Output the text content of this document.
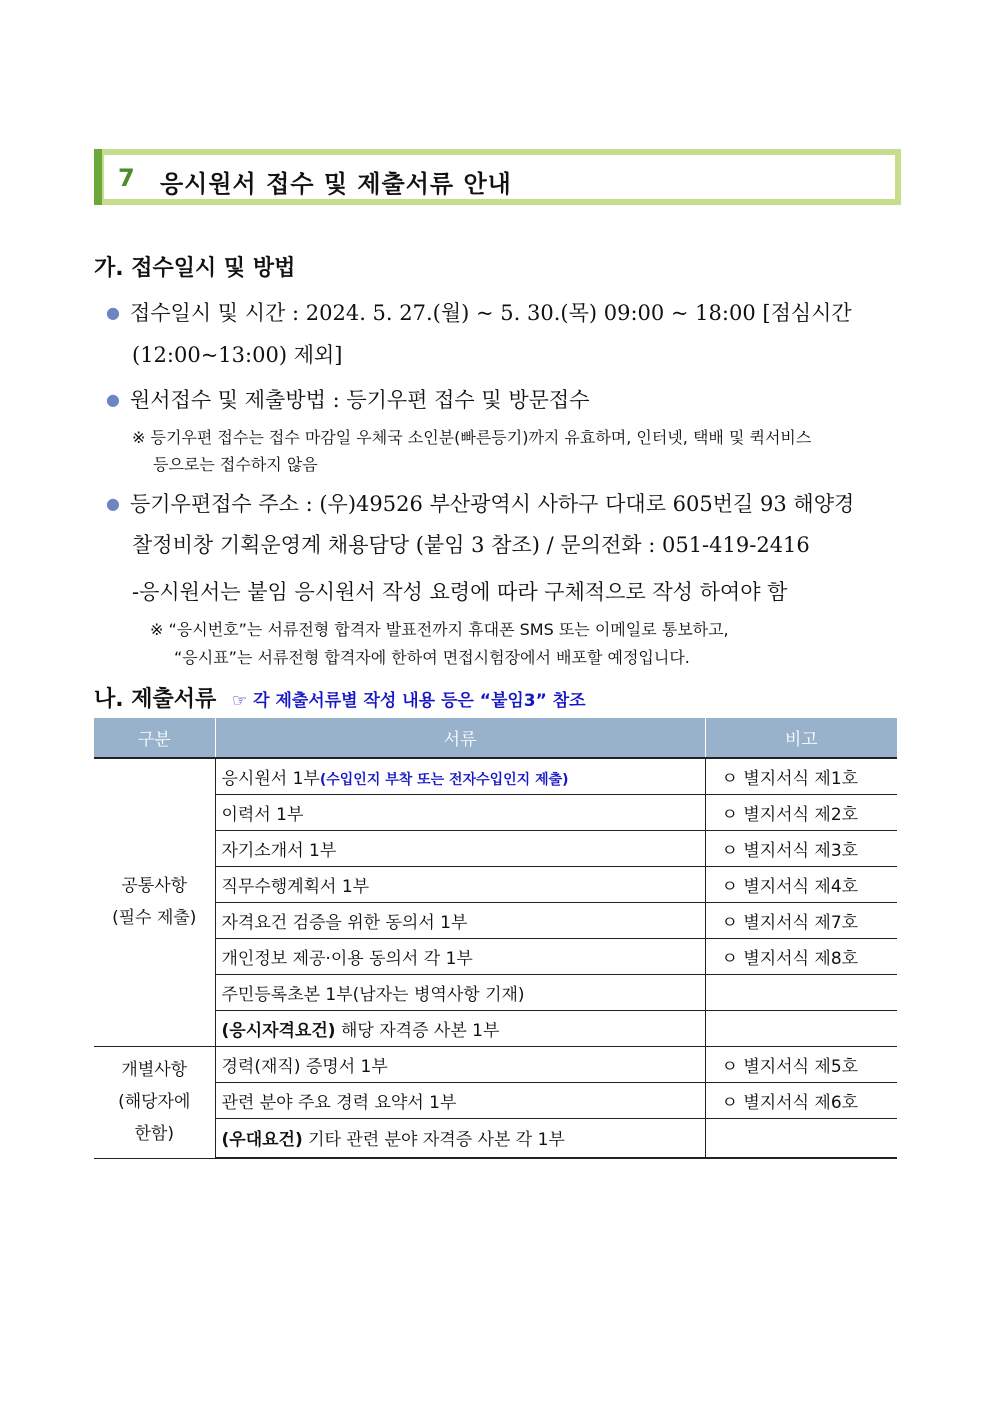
7 응시원서 접수 및 제출서류 안내
가. 접수일시 및 방법
● 접수일시 및 시간 : 2024. 5. 27.(월) ~ 5. 30.(목) 09:00 ~ 18:00 [점심시간
(12:00~13:00) 제외]
● 원서접수 및 제출방법 : 등기우편 접수 및 방문접수
※ 등기우편 접수는 접수 마감일 우체국 소인분(빠른등기)까지 유효하며, 인터넷, 택배 및 퀵서비스
등으로는 접수하지 않음
● 등기우편접수 주소 : (우)49526 부산광역시 사하구 다대로 605번길 93 해양경
찰정비창 기획운영계 채용담당 (붙임 3 참조) / 문의전화 : 051-419-2416
-응시원서는 붙임 응시원서 작성 요령에 따라 구체적으로 작성 하여야 함
※ “응시번호”는 서류전형 합격자 발표전까지 휴대폰 SMS 또는 이메일로 통보하고,
“응시표”는 서류전형 합격자에 한하여 면접시험장에서 배포할 예정입니다.
나. 제출서류 ☞ 각 제출서류별 작성 내용 등은 “붙임3” 참조
구분	서류	비고

공통사항
(필수 제출)	응시원서 1부(수입인지 부착 또는 전자수입인지 제출)	ㅇ 별지서식 제1호
	이력서 1부	ㅇ 별지서식 제2호
	자기소개서 1부	ㅇ 별지서식 제3호
	직무수행계획서 1부	ㅇ 별지서식 제4호
	자격요건 검증을 위한 동의서 1부	ㅇ 별지서식 제7호
	개인정보 제공·이용 동의서 각 1부	ㅇ 별지서식 제8호
	주민등록초본 1부(남자는 병역사항 기재)	
	(응시자격요건) 해당 자격증 사본 1부	

개별사항
(해당자에
한함)	경력(재직) 증명서 1부	ㅇ 별지서식 제5호
	관련 분야 주요 경력 요약서 1부	ㅇ 별지서식 제6호
	(우대요건) 기타 관련 분야 자격증 사본 각 1부	
